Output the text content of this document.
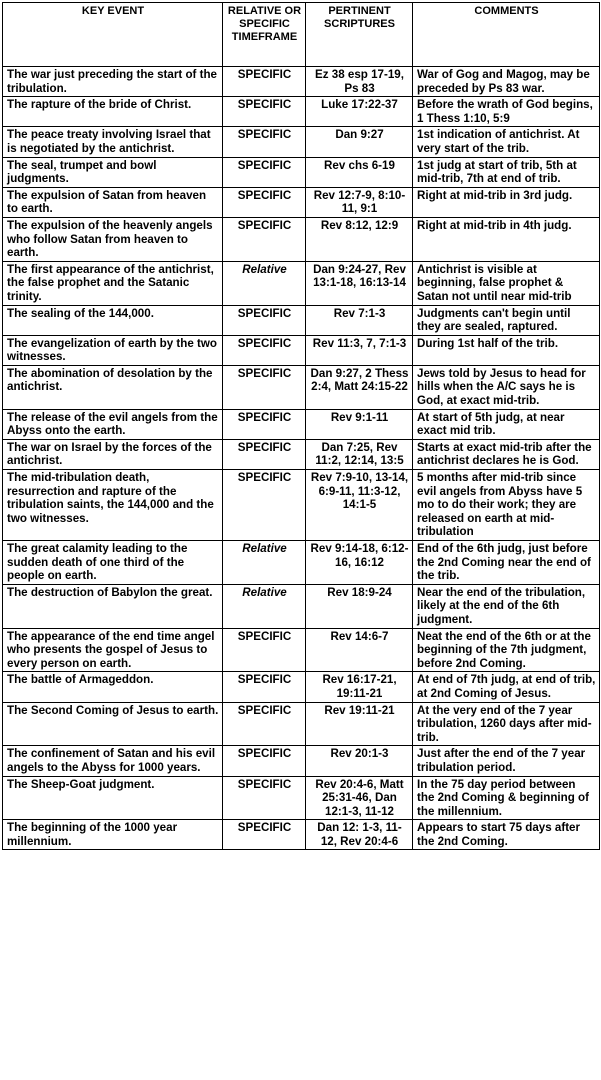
KEY EVENT	RELATIVE OR SPECIFIC TIMEFRAME	PERTINENT SCRIPTURES	COMMENTS
The war just preceding the start of the tribulation.	SPECIFIC	Ez 38 esp 17-19, Ps 83	War of Gog and Magog, may be preceded by Ps 83 war.
The rapture of the bride of Christ.	SPECIFIC	Luke 17:22-37	Before the wrath of God begins, 1 Thess 1:10, 5:9
The peace treaty involving Israel that is negotiated by the antichrist.	SPECIFIC	Dan 9:27	1st indication of antichrist. At very start of the trib.
The seal, trumpet and bowl judgments.	SPECIFIC	Rev chs 6-19	1st judg at start of trib, 5th at mid-trib, 7th at end of trib.
The expulsion of Satan from heaven to earth.	SPECIFIC	Rev 12:7-9, 8:10-11, 9:1	Right at mid-trib in 3rd judg.
The expulsion of the heavenly angels who follow Satan from heaven to earth.	SPECIFIC	Rev 8:12, 12:9	Right at mid-trib in 4th judg.
The first appearance of the antichrist, the false prophet and the Satanic trinity.	Relative	Dan 9:24-27, Rev 13:1-18, 16:13-14	Antichrist is visible at beginning, false prophet & Satan not until near mid-trib
The sealing of the 144,000.	SPECIFIC	Rev 7:1-3	Judgments can't begin until they are sealed, raptured.
The evangelization of earth by the two witnesses.	SPECIFIC	Rev 11:3, 7, 7:1-3	During 1st half of the trib.
The abomination of desolation by the antichrist.	SPECIFIC	Dan 9:27, 2 Thess 2:4, Matt 24:15-22	Jews told by Jesus to head for hills when the A/C says he is God, at exact mid-trib.
The release of the evil angels from the Abyss onto the earth.	SPECIFIC	Rev 9:1-11	At start of 5th judg, at near exact mid trib.
The war on Israel by the forces of the antichrist.	SPECIFIC	Dan 7:25, Rev 11:2, 12:14, 13:5	Starts at exact mid-trib after the antichrist declares he is God.
The mid-tribulation death, resurrection and rapture of the tribulation saints, the 144,000 and the two witnesses.	SPECIFIC	Rev 7:9-10, 13-14, 6:9-11, 11:3-12, 14:1-5	5 months after mid-trib since evil angels from Abyss have 5 mo to do their work; they are released on earth at mid-tribulation
The great calamity leading to the sudden death of one third of the people on earth.	Relative	Rev 9:14-18, 6:12-16, 16:12	End of the 6th judg, just before the 2nd Coming near the end of the trib.
The destruction of Babylon the great.	Relative	Rev 18:9-24	Near the end of the tribulation, likely at the end of the 6th judgment.
The appearance of the end time angel who presents the gospel of Jesus to every person on earth.	SPECIFIC	Rev 14:6-7	Neat the end of the 6th or at the beginning of the 7th judgment, before 2nd Coming.
The battle of Armageddon.	SPECIFIC	Rev 16:17-21, 19:11-21	At end of 7th judg, at end of trib, at 2nd Coming of Jesus.
The Second Coming of Jesus to earth.	SPECIFIC	Rev 19:11-21	At the very end of the 7 year tribulation, 1260 days after mid-trib.
The confinement of Satan and his evil angels to the Abyss for 1000 years.	SPECIFIC	Rev 20:1-3	Just after the end of the 7 year tribulation period.
The Sheep-Goat judgment.	SPECIFIC	Rev 20:4-6, Matt 25:31-46, Dan 12:1-3, 11-12	In the 75 day period between the 2nd Coming & beginning of the millennium.
The beginning of the 1000 year millennium.	SPECIFIC	Dan 12: 1-3, 11-12, Rev 20:4-6	Appears to start 75 days after the 2nd Coming.
